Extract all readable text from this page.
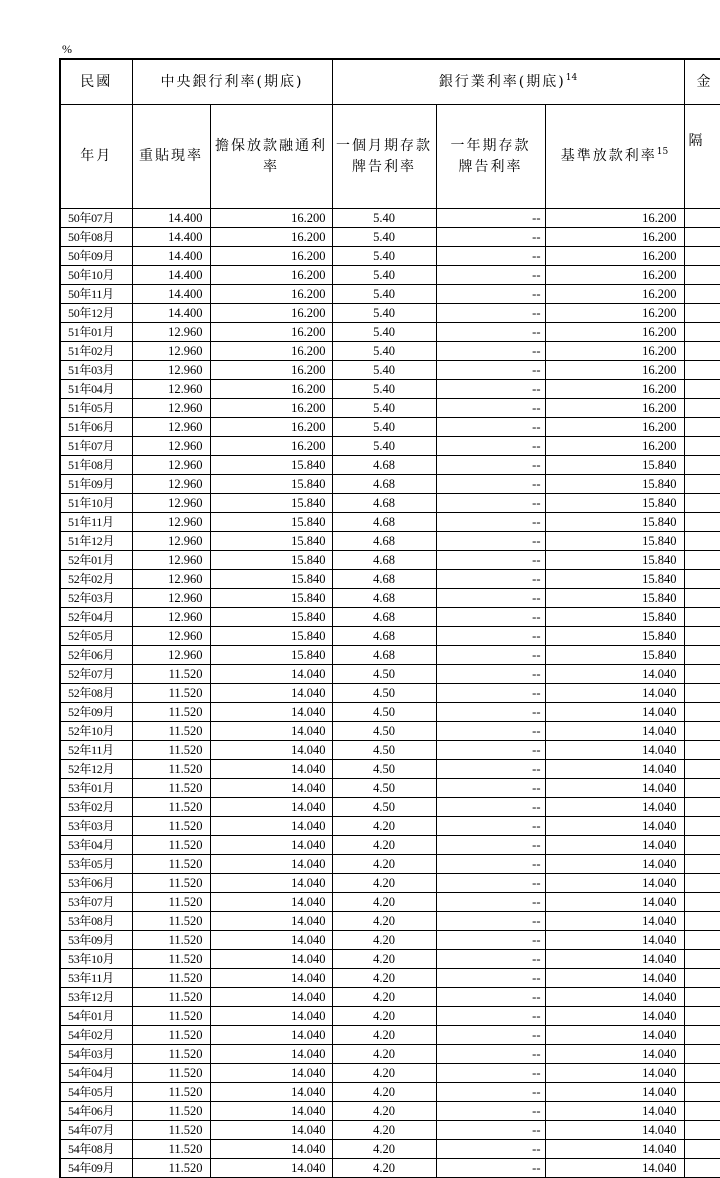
%
民國	中央銀行利率(期底)		銀行業利率(期底)$^{14}$			金
年月	重貼現率	擔保放款融通利率	一個月期存款牌告利率	一年期存款牌告利率	基準放款利率$^{15}$	隔
50年07月	14.400	16.200	5.40	--	16.200	
50年08月	14.400	16.200	5.40	--	16.200	
50年09月	14.400	16.200	5.40	--	16.200	
50年10月	14.400	16.200	5.40	--	16.200	
50年11月	14.400	16.200	5.40	--	16.200	
50年12月	14.400	16.200	5.40	--	16.200	
51年01月	12.960	16.200	5.40	--	16.200	
51年02月	12.960	16.200	5.40	--	16.200	
51年03月	12.960	16.200	5.40	--	16.200	
51年04月	12.960	16.200	5.40	--	16.200	
51年05月	12.960	16.200	5.40	--	16.200	
51年06月	12.960	16.200	5.40	--	16.200	
51年07月	12.960	16.200	5.40	--	16.200	
51年08月	12.960	15.840	4.68	--	15.840	
51年09月	12.960	15.840	4.68	--	15.840	
51年10月	12.960	15.840	4.68	--	15.840	
51年11月	12.960	15.840	4.68	--	15.840	
51年12月	12.960	15.840	4.68	--	15.840	
52年01月	12.960	15.840	4.68	--	15.840	
52年02月	12.960	15.840	4.68	--	15.840	
52年03月	12.960	15.840	4.68	--	15.840	
52年04月	12.960	15.840	4.68	--	15.840	
52年05月	12.960	15.840	4.68	--	15.840	
52年06月	12.960	15.840	4.68	--	15.840	
52年07月	11.520	14.040	4.50	--	14.040	
52年08月	11.520	14.040	4.50	--	14.040	
52年09月	11.520	14.040	4.50	--	14.040	
52年10月	11.520	14.040	4.50	--	14.040	
52年11月	11.520	14.040	4.50	--	14.040	
52年12月	11.520	14.040	4.50	--	14.040	
53年01月	11.520	14.040	4.50	--	14.040	
53年02月	11.520	14.040	4.50	--	14.040	
53年03月	11.520	14.040	4.20	--	14.040	
53年04月	11.520	14.040	4.20	--	14.040	
53年05月	11.520	14.040	4.20	--	14.040	
53年06月	11.520	14.040	4.20	--	14.040	
53年07月	11.520	14.040	4.20	--	14.040	
53年08月	11.520	14.040	4.20	--	14.040	
53年09月	11.520	14.040	4.20	--	14.040	
53年10月	11.520	14.040	4.20	--	14.040	
53年11月	11.520	14.040	4.20	--	14.040	
53年12月	11.520	14.040	4.20	--	14.040	
54年01月	11.520	14.040	4.20	--	14.040	
54年02月	11.520	14.040	4.20	--	14.040	
54年03月	11.520	14.040	4.20	--	14.040	
54年04月	11.520	14.040	4.20	--	14.040	
54年05月	11.520	14.040	4.20	--	14.040	
54年06月	11.520	14.040	4.20	--	14.040	
54年07月	11.520	14.040	4.20	--	14.040	
54年08月	11.520	14.040	4.20	--	14.040	
54年09月	11.520	14.040	4.20	--	14.040	
